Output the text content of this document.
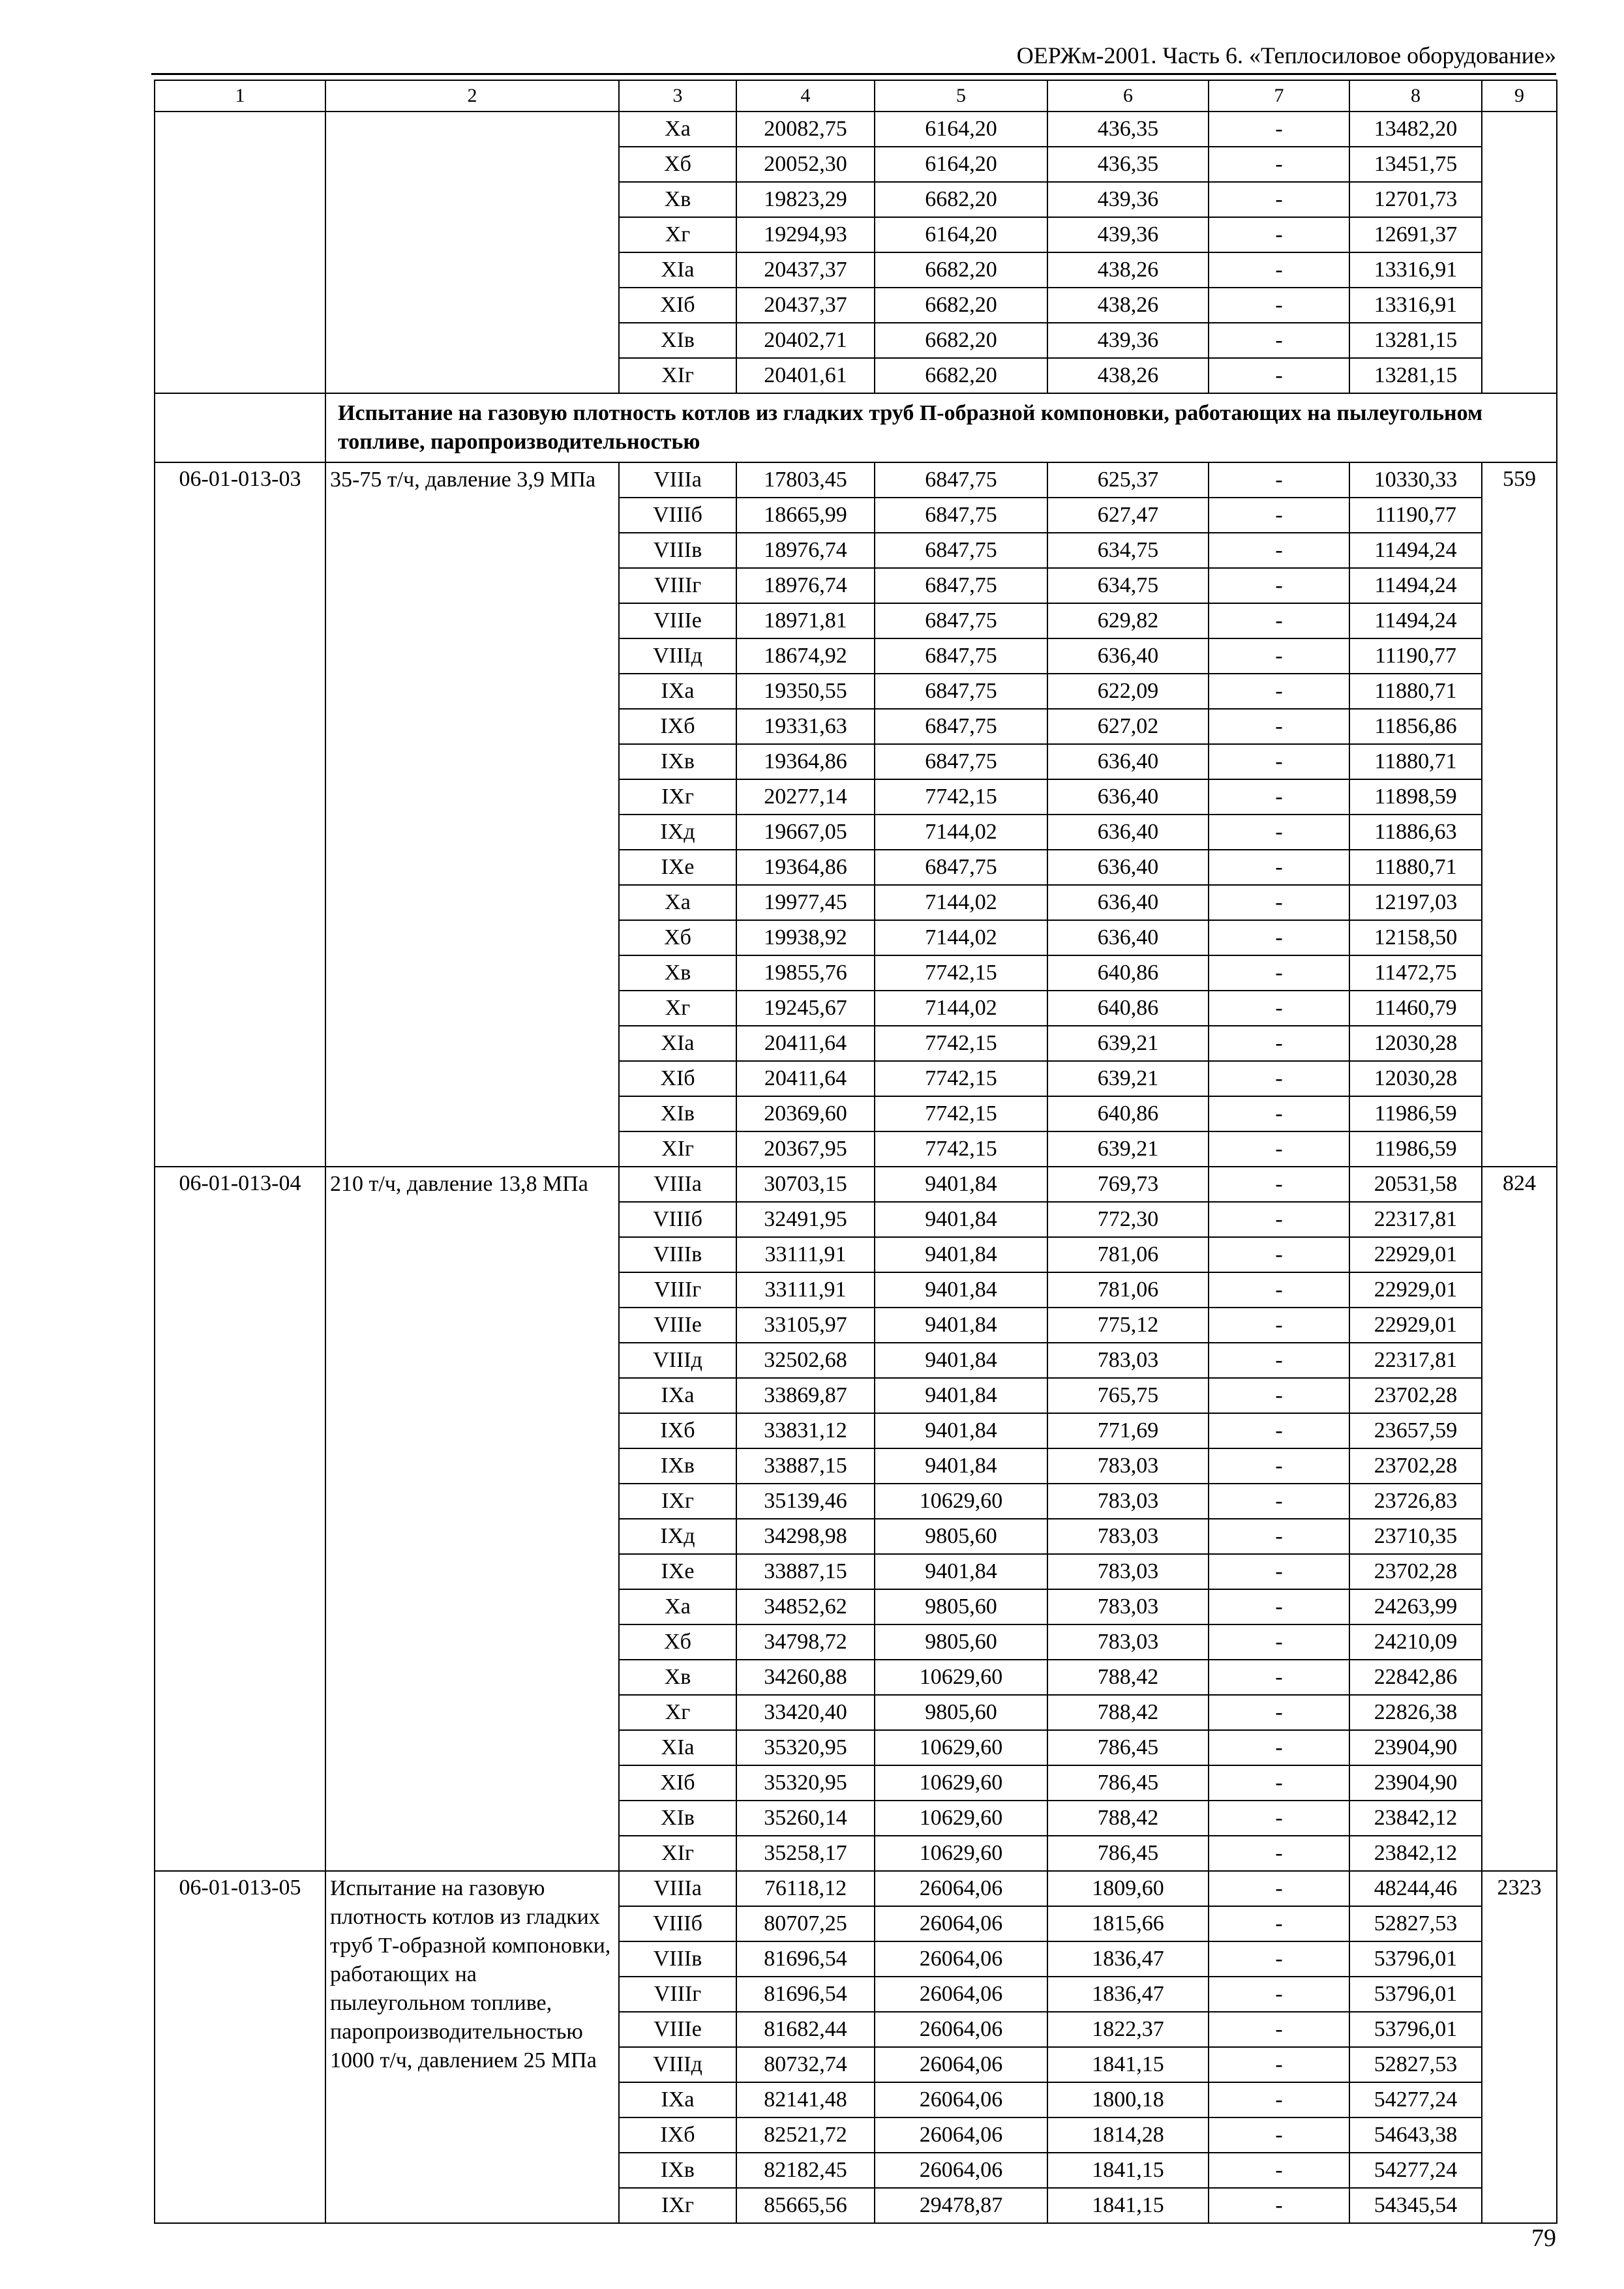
ОЕРЖм-2001. Часть 6. «Теплосиловое оборудование»
1	2	3	4	5	6	7	8	9
		Ха	20082,75	6164,20	436,35	-	13482,20	
		Хб	20052,30	6164,20	436,35	-	13451,75	
		Хв	19823,29	6682,20	439,36	-	12701,73	
		Хг	19294,93	6164,20	439,36	-	12691,37	
		ХIа	20437,37	6682,20	438,26	-	13316,91	
		ХIб	20437,37	6682,20	438,26	-	13316,91	
		ХIв	20402,71	6682,20	439,36	-	13281,15	
		ХIг	20401,61	6682,20	438,26	-	13281,15	
	Испытание на газовую плотность котлов из гладких труб П-образной компоновки, работающих на пылеугольном топливе, паропроизводительностью							
06-01-013-03	35-75 т/ч, давление 3,9 МПа	VIIIа	17803,45	6847,75	625,37	-	10330,33	559
		VIIIб	18665,99	6847,75	627,47	-	11190,77	
		VIIIв	18976,74	6847,75	634,75	-	11494,24	
		VIIIг	18976,74	6847,75	634,75	-	11494,24	
		VIIIе	18971,81	6847,75	629,82	-	11494,24	
		VIIIд	18674,92	6847,75	636,40	-	11190,77	
		IХа	19350,55	6847,75	622,09	-	11880,71	
		IХб	19331,63	6847,75	627,02	-	11856,86	
		IХв	19364,86	6847,75	636,40	-	11880,71	
		IХг	20277,14	7742,15	636,40	-	11898,59	
		IХд	19667,05	7144,02	636,40	-	11886,63	
		IХе	19364,86	6847,75	636,40	-	11880,71	
		Ха	19977,45	7144,02	636,40	-	12197,03	
		Хб	19938,92	7144,02	636,40	-	12158,50	
		Хв	19855,76	7742,15	640,86	-	11472,75	
		Хг	19245,67	7144,02	640,86	-	11460,79	
		ХIа	20411,64	7742,15	639,21	-	12030,28	
		ХIб	20411,64	7742,15	639,21	-	12030,28	
		ХIв	20369,60	7742,15	640,86	-	11986,59	
		ХIг	20367,95	7742,15	639,21	-	11986,59	
06-01-013-04	210 т/ч, давление 13,8 МПа	VIIIа	30703,15	9401,84	769,73	-	20531,58	824
		VIIIб	32491,95	9401,84	772,30	-	22317,81	
		VIIIв	33111,91	9401,84	781,06	-	22929,01	
		VIIIг	33111,91	9401,84	781,06	-	22929,01	
		VIIIе	33105,97	9401,84	775,12	-	22929,01	
		VIIIд	32502,68	9401,84	783,03	-	22317,81	
		IХа	33869,87	9401,84	765,75	-	23702,28	
		IХб	33831,12	9401,84	771,69	-	23657,59	
		IХв	33887,15	9401,84	783,03	-	23702,28	
		IХг	35139,46	10629,60	783,03	-	23726,83	
		IХд	34298,98	9805,60	783,03	-	23710,35	
		IХе	33887,15	9401,84	783,03	-	23702,28	
		Ха	34852,62	9805,60	783,03	-	24263,99	
		Хб	34798,72	9805,60	783,03	-	24210,09	
		Хв	34260,88	10629,60	788,42	-	22842,86	
		Хг	33420,40	9805,60	788,42	-	22826,38	
		ХIа	35320,95	10629,60	786,45	-	23904,90	
		ХIб	35320,95	10629,60	786,45	-	23904,90	
		ХIв	35260,14	10629,60	788,42	-	23842,12	
		ХIг	35258,17	10629,60	786,45	-	23842,12	
06-01-013-05	Испытание на газовую плотность котлов из гладких труб Т-образной компоновки, работающих на пылеугольном топливе, паропроизводительностью 1000 т/ч, давлением 25 МПа	VIIIа	76118,12	26064,06	1809,60	-	48244,46	2323
		VIIIб	80707,25	26064,06	1815,66	-	52827,53	
		VIIIв	81696,54	26064,06	1836,47	-	53796,01	
		VIIIг	81696,54	26064,06	1836,47	-	53796,01	
		VIIIе	81682,44	26064,06	1822,37	-	53796,01	
		VIIIд	80732,74	26064,06	1841,15	-	52827,53	
		IХа	82141,48	26064,06	1800,18	-	54277,24	
		IХб	82521,72	26064,06	1814,28	-	54643,38	
		IХв	82182,45	26064,06	1841,15	-	54277,24	
		IХг	85665,56	29478,87	1841,15	-	54345,54	
79
